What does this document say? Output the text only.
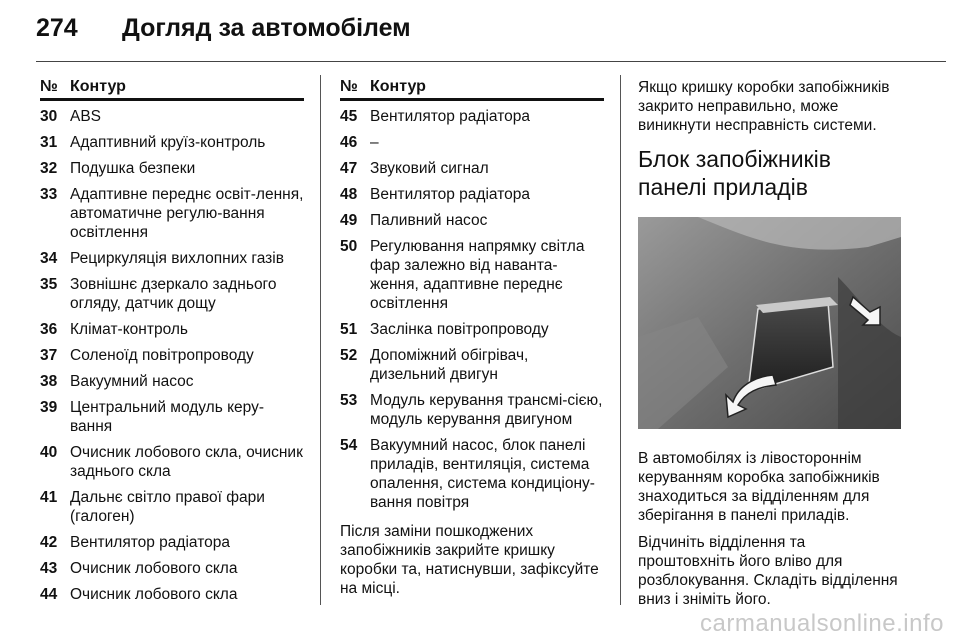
274	Догляд за автомобілем
№ Контур
30 ABS
31 Адаптивний круїз-контроль
32 Подушка безпеки
33 Адаптивне переднє освіт-лення, автоматичне регулю-вання освітлення
34 Рециркуляція вихлопних газів
35 Зовнішнє дзеркало заднього огляду, датчик дощу
36 Клімат-контроль
37 Соленоїд повітропроводу
38 Вакуумний насос
39 Центральний модуль керу-вання
40 Очисник лобового скла, очисник заднього скла
41 Дальнє світло правої фари (галоген)
42 Вентилятор радіатора
43 Очисник лобового скла
44 Очисник лобового скла
№ Контур
45 Вентилятор радіатора
46 –
47 Звуковий сигнал
48 Вентилятор радіатора
49 Паливний насос
50 Регулювання напрямку світла фар залежно від наванта-ження, адаптивне переднє освітлення
51 Заслінка повітропроводу
52 Допоміжний обігрівач, дизельний двигун
53 Модуль керування трансмі-сією, модуль керування двигуном
54 Вакуумний насос, блок панелі приладів, вентиляція, система опалення, система кондиціону-вання повітря

Після заміни пошкоджених запобіжників закрийте кришку коробки та, натиснувши, зафіксуйте на місці.

Якщо кришку коробки запобіжників закрито неправильно, може виникнути несправність системи.

Блок запобіжників панелі приладів

В автомобілях із лівостороннім керуванням коробка запобіжників знаходиться за відділенням для зберігання в панелі приладів.

Відчиніть відділення та проштовхніть його вліво для розблокування. Складіть відділення вниз і зніміть його.

carmanualsonline.info
